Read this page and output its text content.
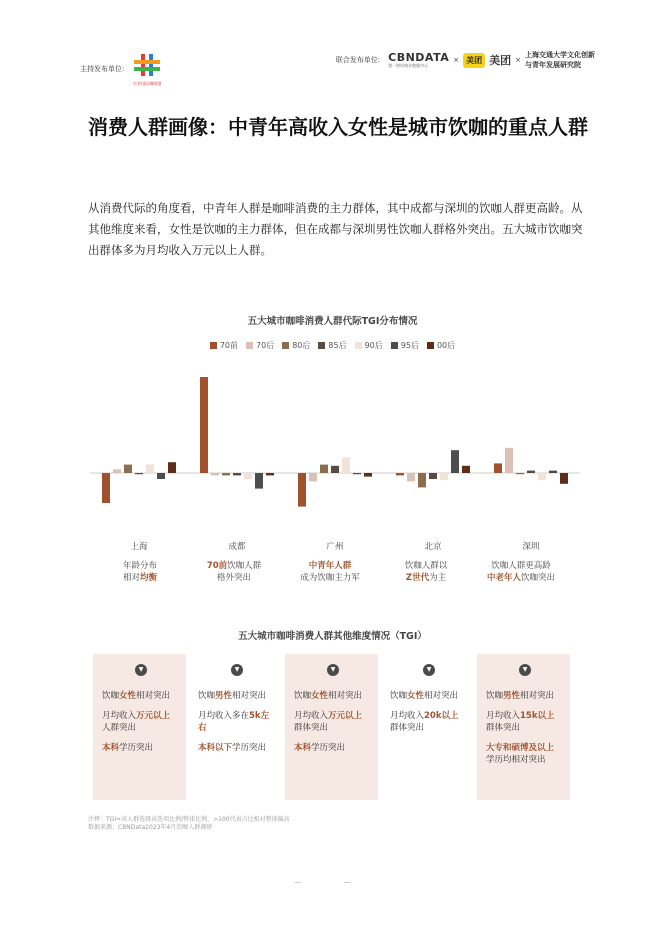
主持发布单位:
红杉国际咖啡港
联合发布单位: CBNDATA
第一财经商业数据中心
× 美团 美团 ×
上海交通大学文化创新
与青年发展研究院
消费人群画像：中青年高收入女性是城市饮咖的重点人群

从消费代际的角度看，中青年人群是咖啡消费的主力群体，其中成都与深圳的饮咖人群更高龄。从其他维度来看，女性是饮咖的主力群体，但在成都与深圳男性饮咖人群格外突出。五大城市饮咖突出群体多为月均收入万元以上人群。

五大城市咖啡消费人群代际TGI分布情况
70前 70后 80后 85后 90后 95后 00后
上海	成都	广州	北京	深圳
年龄分布
相对均衡
70前饮咖人群
格外突出
中青年人群
成为饮咖主力军
饮咖人群以
Z世代为主
饮咖人群更高龄
中老年人饮咖突出
五大城市咖啡消费人群其他维度情况（TGI）
▼

饮咖女性相对突出

月均收入万元以上
人群突出

本科学历突出

▼

饮咖男性相对突出

月均收入多在5k左右

本科以下学历突出

▼

饮咖女性相对突出

月均收入万元以上
群体突出

本科学历突出

▼

饮咖女性相对突出

月均收入20k以上
群体突出

▼

饮咖男性相对突出

月均收入15k以上
群体突出

大专和硕博及以上
学历均相对突出

注释：TGI=该人群选择该选项比例/整体比例，>100代表占比相对整体偏高
数据来源：CBNData2023年4月饮咖人群调研
— —
